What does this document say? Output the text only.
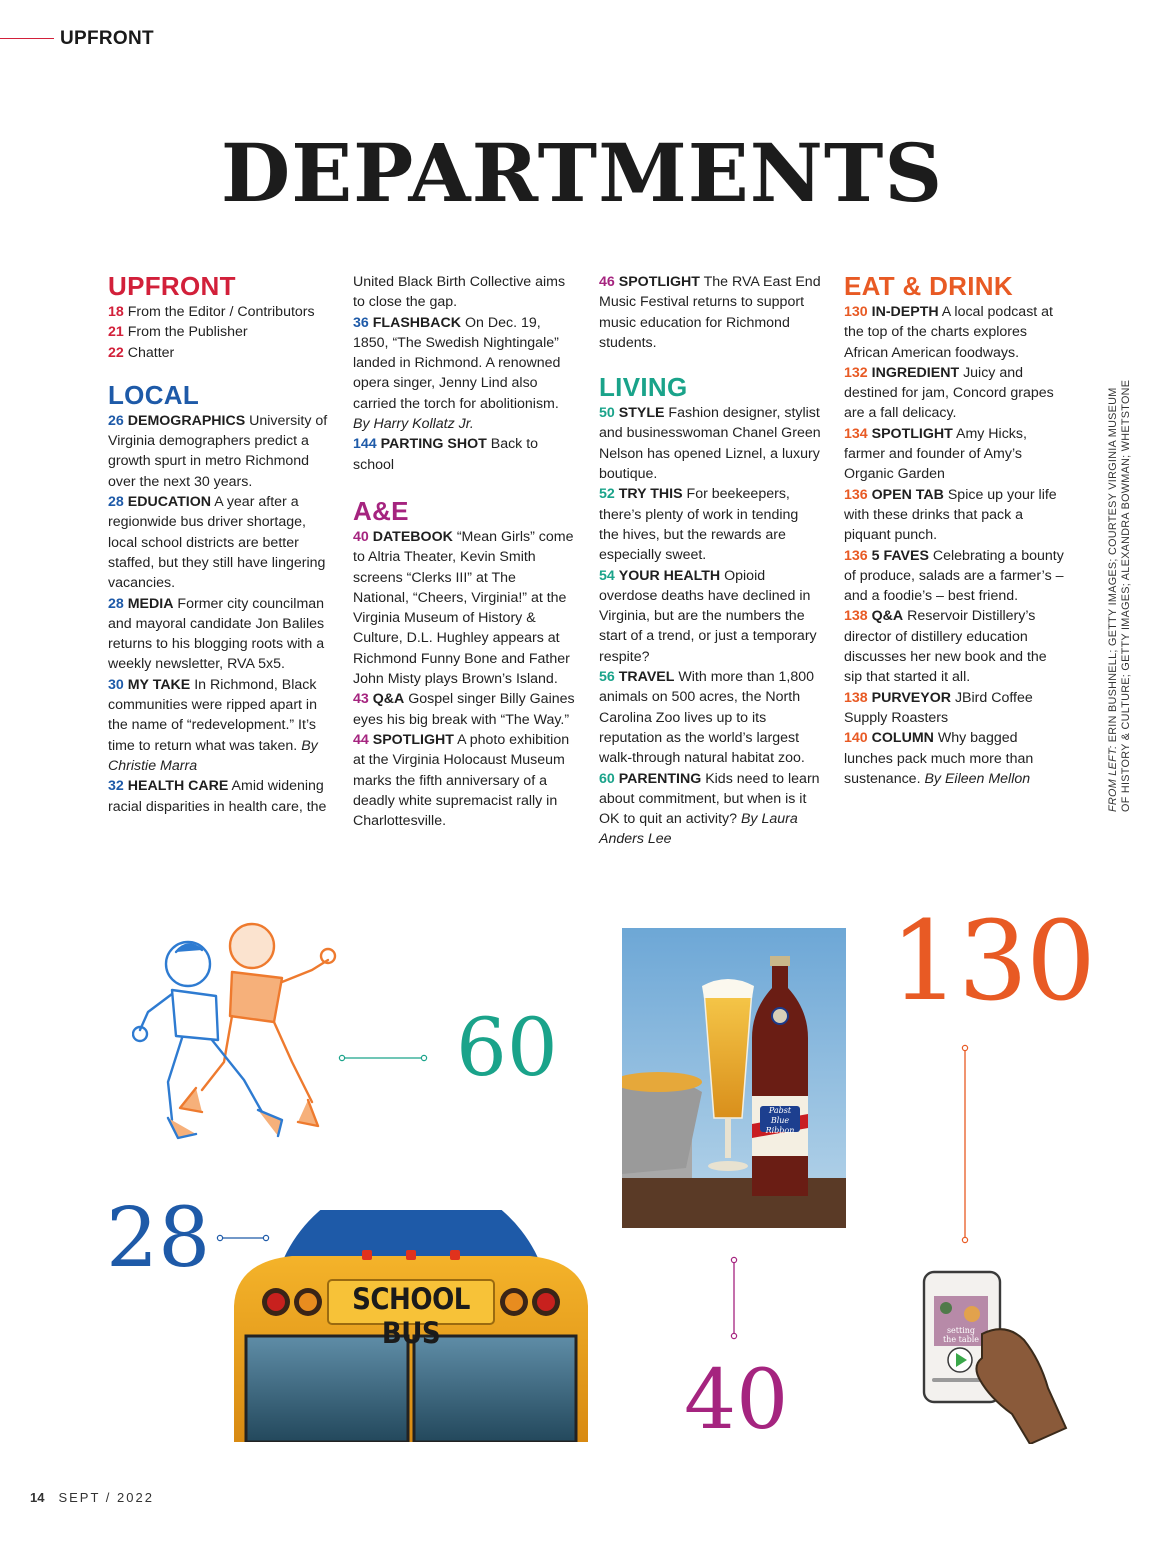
UPFRONT
DEPARTMENTS
UPFRONT

18 From the Editor / Contributors

21 From the Publisher

22 Chatter

LOCAL

26 DEMOGRAPHICS University of Virginia demographers predict a growth spurt in metro Richmond over the next 30 years.

28 EDUCATION A year after a regionwide bus driver shortage, local school districts are better staffed, but they still have lingering vacancies.

28 MEDIA Former city councilman and mayoral candidate Jon Baliles returns to his blogging roots with a weekly newsletter, RVA 5x5.

30 MY TAKE In Richmond, Black communities were ripped apart in the name of “redevelopment.” It’s time to return what was taken. By Christie Marra

32 HEALTH CARE Amid widening racial disparities in health care, the

United Black Birth Collective aims to close the gap.

36 FLASHBACK On Dec. 19, 1850, “The Swedish Nightingale” landed in Richmond. A renowned opera singer, Jenny Lind also carried the torch for abolitionism. By Harry Kollatz Jr.

144 PARTING SHOT Back to school

A&E

40 DATEBOOK “Mean Girls” come to Altria Theater, Kevin Smith screens “Clerks III” at The National, “Cheers, Virginia!” at the Virginia Museum of History & Culture, D.L. Hughley appears at Richmond Funny Bone and Father John Misty plays Brown’s Island.

43 Q&A Gospel singer Billy Gaines eyes his big break with “The Way.”

44 SPOTLIGHT A photo exhibition at the Virginia Holocaust Museum marks the fifth anniversary of a deadly white supremacist rally in Charlottesville.

46 SPOTLIGHT The RVA East End Music Festival returns to support music education for Richmond students.

LIVING

50 STYLE Fashion designer, stylist and businesswoman Chanel Green Nelson has opened Liznel, a luxury boutique.

52 TRY THIS For beekeepers, there’s plenty of work in tending the hives, but the rewards are especially sweet.

54 YOUR HEALTH Opioid overdose deaths have declined in Virginia, but are the numbers the start of a trend, or just a temporary respite?

56 TRAVEL With more than 1,800 animals on 500 acres, the North Carolina Zoo lives up to its reputation as the world’s largest walk-through natural habitat zoo.

60 PARENTING Kids need to learn about commitment, but when is it OK to quit an activity? By Laura Anders Lee

EAT & DRINK

130 IN-DEPTH A local podcast at the top of the charts explores African American foodways.

132 INGREDIENT Juicy and destined for jam, Concord grapes are a fall delicacy.

134 SPOTLIGHT Amy Hicks, farmer and founder of Amy’s Organic Garden

136 OPEN TAB Spice up your life with these drinks that pack a piquant punch.

136 5 FAVES Celebrating a bounty of produce, salads are a farmer’s – and a foodie’s – best friend.

138 Q&A Reservoir Distillery’s director of distillery education discusses her new book and the sip that started it all.

138 PURVEYOR JBird Coffee Supply Roasters

140 COLUMN Why bagged lunches pack much more than sustenance. By Eileen Mellon	FROM LEFT: ERIN BUSHNELL; GETTY IMAGES; COURTESY VIRGINIA MUSEUM OF HISTORY & CULTURE; GETTY IMAGES; ALEXANDRA BOWMAN; WHETSTONE
60
28
SCHOOL BUS
Pabst
Blue Ribbon
40
130
setting
the table
14 SEPT / 2022
